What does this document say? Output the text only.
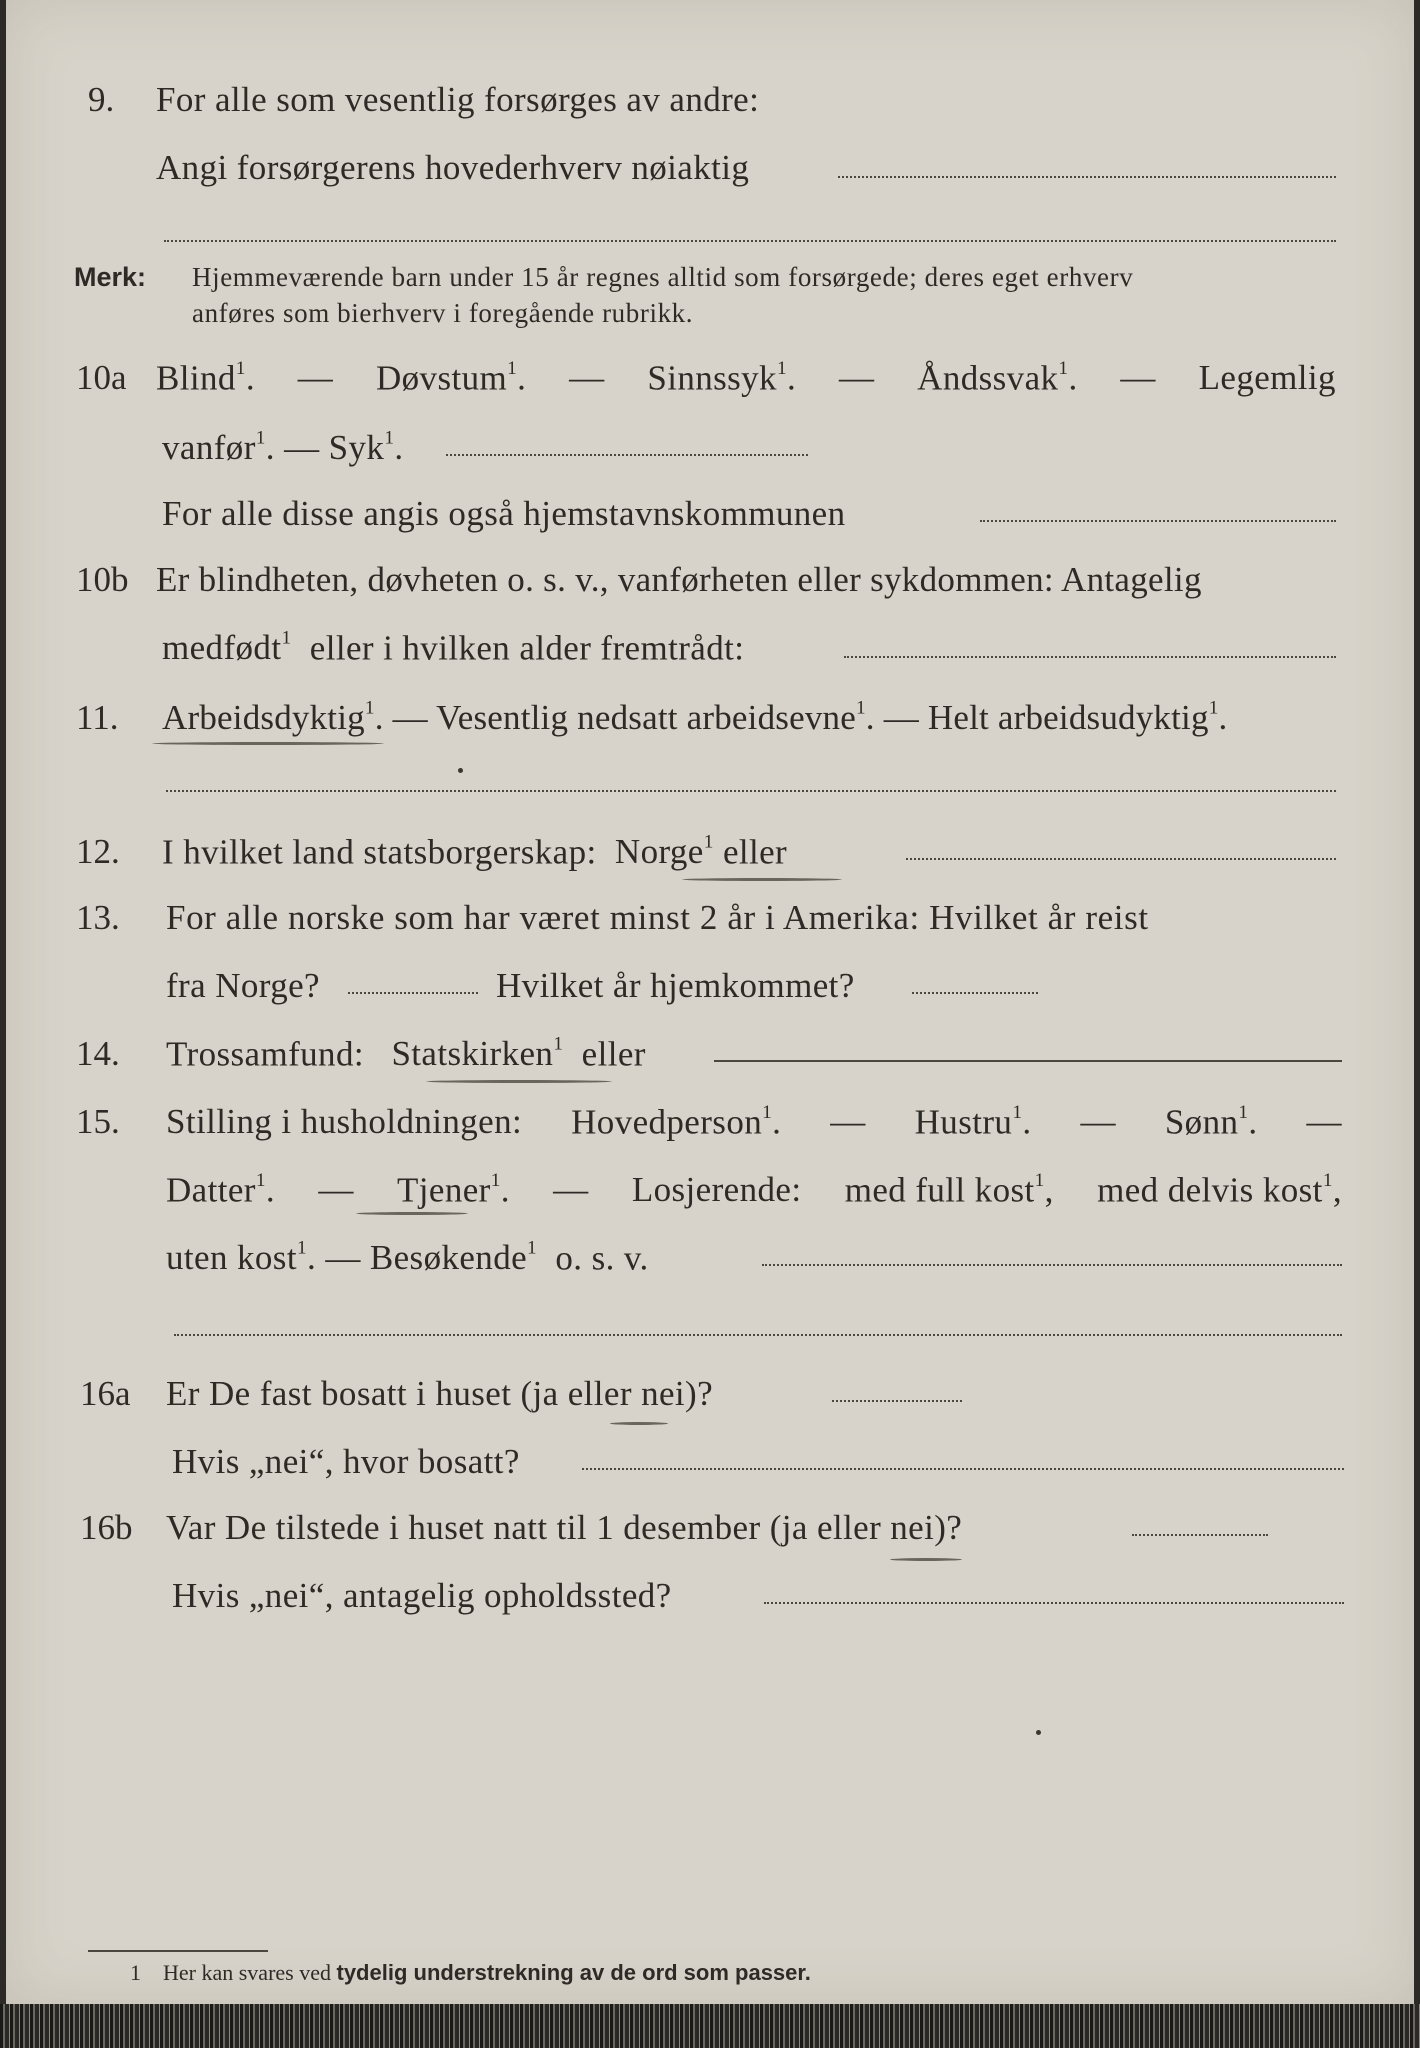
9. For alle som vesentlig forsørges av andre:
Angi forsørgerens hovederhverv nøiaktig
Merk: Hjemmeværende barn under 15 år regnes alltid som forsørgede; deres eget erhverv
anføres som bierhverv i foregående rubrikk.
10a Blind$^1$. — Døvstum$^1$. — Sinnssyk$^1$. — Åndssvak$^1$. — Legemlig
vanfør$^1$. — Syk$^1$.
For alle disse angis også hjemstavnskommunen
10b Er blindheten, døvheten o. s. v., vanførheten eller sykdommen: Antagelig
medfødt$^1$ eller i hvilken alder fremtrådt:
11. Arbeidsdyktig$^1$. — Vesentlig nedsatt arbeidsevne$^1$. — Helt arbeidsudyktig$^1$.
12. I hvilket land statsborgerskap: Norge$^1$ eller
13. For alle norske som har været minst 2 år i Amerika: Hvilket år reist
fra Norge?	Hvilket år hjemkommet?
14. Trossamfund: Statskirken$^1$ eller
15. Stilling i husholdningen: Hovedperson$^1$. — Hustru$^1$. — Sønn$^1$. —
Datter$^1$. — Tjener$^1$. — Losjerende: med full kost$^1$, med delvis kost$^1$,
uten kost$^1$. — Besøkende$^1$ o. s. v.
16a Er De fast bosatt i huset (ja eller nei)?
Hvis „nei“, hvor bosatt?
16b Var De tilstede i huset natt til 1 desember (ja eller nei)?
Hvis „nei“, antagelig opholdssted?
1 Her kan svares ved tydelig understrekning av de ord som passer.
